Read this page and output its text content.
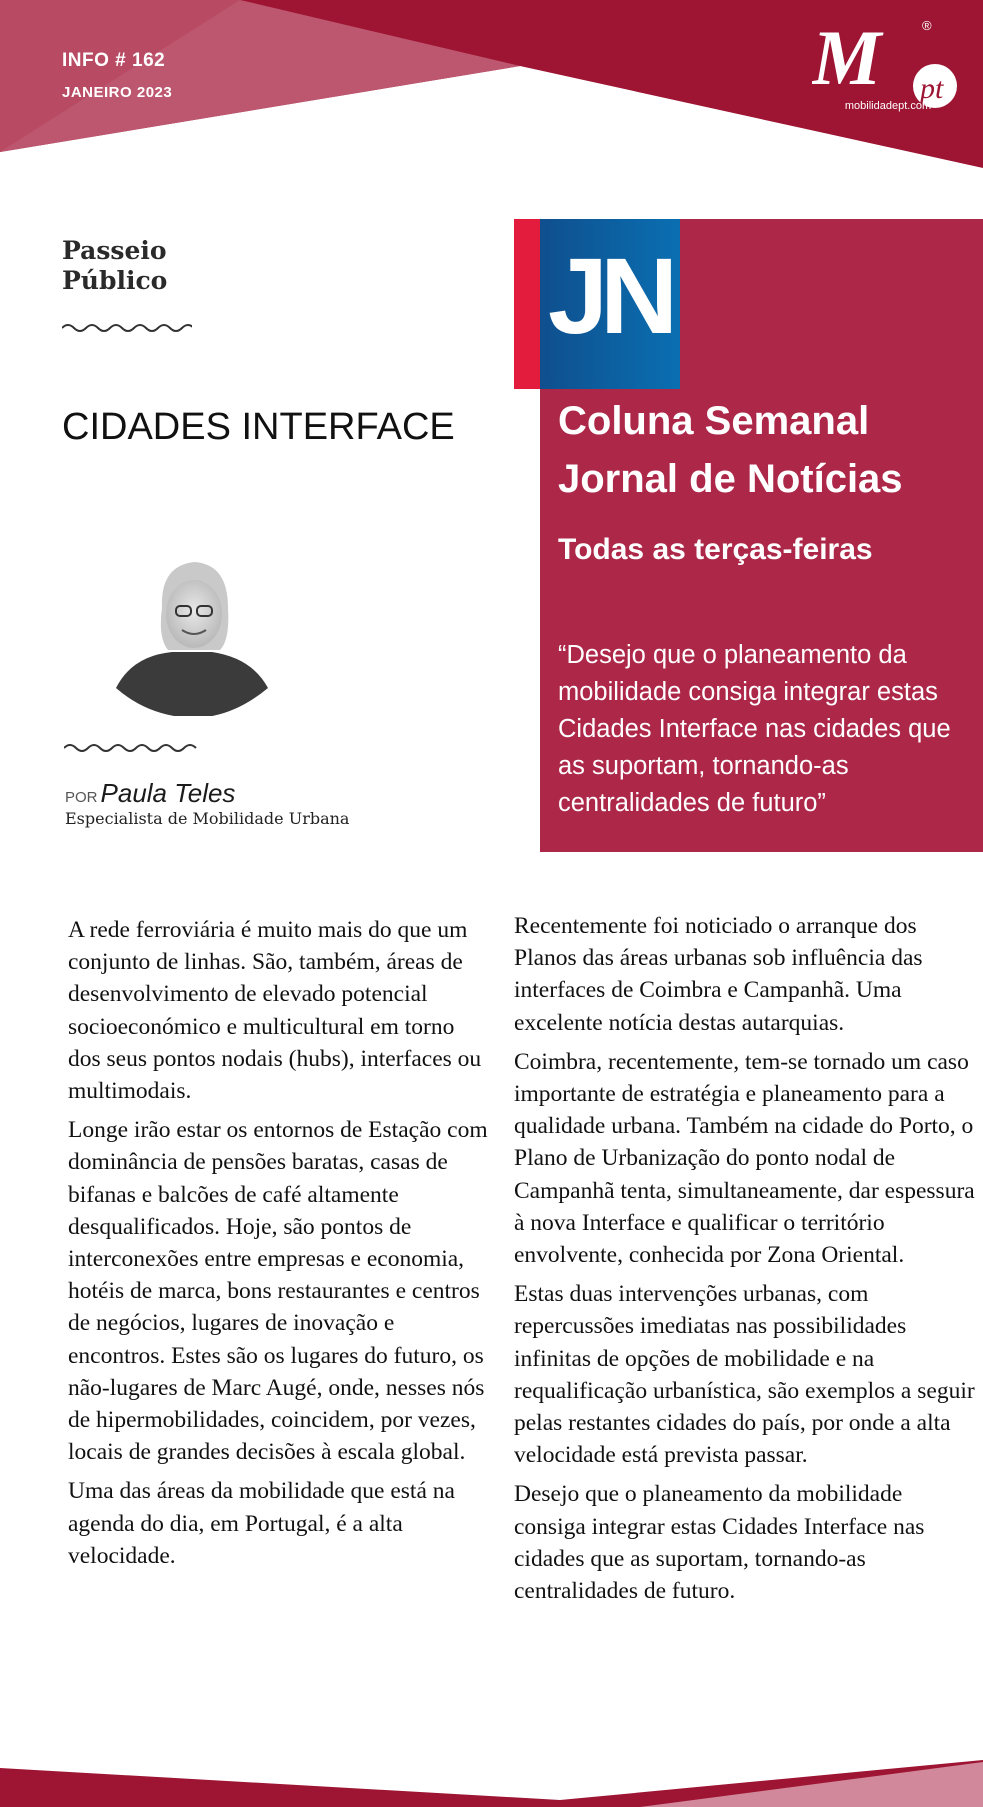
INFO # 162
JANEIRO 2023	M pt
®
mobilidadept.com
Passeio Público
CIDADES INTERFACE
POR Paula Teles
Especialista de Mobilidade Urbana
JN
Coluna Semanal Jornal de Notícias
Todas as terças-feiras
“Desejo que o planeamento da mobilidade consiga integrar estas Cidades Interface nas cidades que as suportam, tornando-as centralidades de futuro”

A rede ferroviária é muito mais do que um conjunto de linhas. São, também, áreas de desenvolvimento de elevado potencial socioeconómico e multicultural em torno dos seus pontos nodais (hubs), interfaces ou multimodais.

Longe irão estar os entornos de Estação com dominância de pensões baratas, casas de bifanas e balcões de café altamente desqualificados. Hoje, são pontos de interconexões entre empresas e economia, hotéis de marca, bons restaurantes e centros de negócios, lugares de inovação e encontros. Estes são os lugares do futuro, os não-lugares de Marc Augé, onde, nesses nós de hipermobilidades, coincidem, por vezes, locais de grandes decisões à escala global.

Uma das áreas da mobilidade que está na agenda do dia, em Portugal, é a alta velocidade.

Recentemente foi noticiado o arranque dos Planos das áreas urbanas sob influência das interfaces de Coimbra e Campanhã. Uma excelente notícia destas autarquias.

Coimbra, recentemente, tem-se tornado um caso importante de estratégia e planeamento para a qualidade urbana. Também na cidade do Porto, o Plano de Urbanização do ponto nodal de Campanhã tenta, simultaneamente, dar espessura à nova Interface e qualificar o território envolvente, conhecida por Zona Oriental.

Estas duas intervenções urbanas, com repercussões imediatas nas possibilidades infinitas de opções de mobilidade e na requalificação urbanística, são exemplos a seguir pelas restantes cidades do país, por onde a alta velocidade está prevista passar.

Desejo que o planeamento da mobilidade consiga integrar estas Cidades Interface nas cidades que as suportam, tornando-as centralidades de futuro.
